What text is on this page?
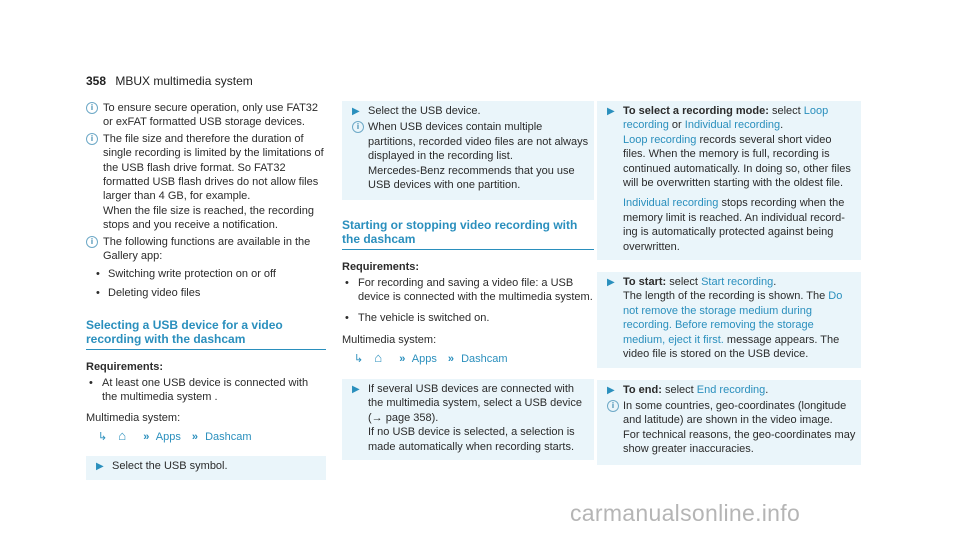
358 MBUX multimedia system
i To ensure secure operation, only use FAT32 or exFAT formatted USB storage devices.
i The file size and therefore the duration of single recording is limited by the limitations of the USB flash drive format. So FAT32 formatted USB flash drives do not allow files larger than 4 GB, for example.
When the file size is reached, the recording stops and you receive a notification.
i The following functions are available in the Gallery app:
• Switching write protection on or off
• Deleting video files
Selecting a USB device for a video recording with the dashcam
Requirements:
• At least one USB device is connected with the multimedia system .
Multimedia system:
↳ ⌂ » Apps » Dashcam
▶ Select the USB symbol.
▶ Select the USB device.
i When USB devices contain multiple partitions, recorded video files are not always displayed in the recording list.
Mercedes-Benz recommends that you use USB devices with one partition.
Starting or stopping video recording with the dashcam
Requirements:
• For recording and saving a video file: a USB device is connected with the multimedia system.
• The vehicle is switched on.
Multimedia system:
↳ ⌂ » Apps » Dashcam
▶ If several USB devices are connected with the multimedia system, select a USB device (→ page 358).
If no USB device is selected, a selection is made automatically when recording starts.
▶ To select a recording mode: select Loop recording or Individual recording.
Loop recording records several short video files. When the memory is full, recording is continued automatically. In doing so, other files will be overwritten starting with the oldest file.
Individual recording stops recording when the memory limit is reached. An individual record-ing is automatically protected against being overwritten.
▶ To start: select Start recording.
The length of the recording is shown. The Do not remove the storage medium during recording. Before removing the storage medium, eject it first. message appears. The video file is stored on the USB device.
▶ To end: select End recording.
i In some countries, geo-coordinates (longitude and latitude) are shown in the video image.
For technical reasons, the geo-coordinates may show greater inaccuracies.
carmanualsonline.info
